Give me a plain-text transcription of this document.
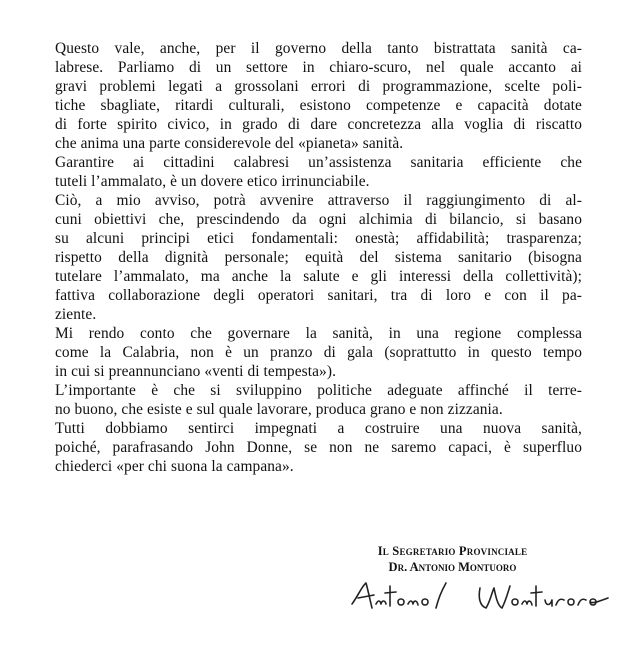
Questo vale, anche, per il governo della tanto bistrattata sanità ca-
labrese. Parliamo di un settore in chiaro-scuro, nel quale accanto ai
gravi problemi legati a grossolani errori di programmazione, scelte poli-
tiche sbagliate, ritardi culturali, esistono competenze e capacità dotate
di forte spirito civico, in grado di dare concretezza alla voglia di riscatto
che anima una parte considerevole del «pianeta» sanità.
Garantire ai cittadini calabresi un’assistenza sanitaria efficiente che
tuteli l’ammalato, è un dovere etico irrinunciabile.
Ciò, a mio avviso, potrà avvenire attraverso il raggiungimento di al-
cuni obiettivi che, prescindendo da ogni alchimia di bilancio, si basano
su alcuni principi etici fondamentali: onestà; affidabilità; trasparenza;
rispetto della dignità personale; equità del sistema sanitario (bisogna
tutelare l’ammalato, ma anche la salute e gli interessi della collettività);
fattiva collaborazione degli operatori sanitari, tra di loro e con il pa-
ziente.
Mi rendo conto che governare la sanità, in una regione complessa
come la Calabria, non è un pranzo di gala (soprattutto in questo tempo
in cui si preannunciano «venti di tempesta»).
L’importante è che si sviluppino politiche adeguate affinché il terre-
no buono, che esiste e sul quale lavorare, produca grano e non zizzania.
Tutti dobbiamo sentirci impegnati a costruire una nuova sanità,
poiché, parafrasando John Donne, se non ne saremo capaci, è superfluo
chiederci «per chi suona la campana».
Il Segretario Provinciale
Dr. Antonio Montuoro
